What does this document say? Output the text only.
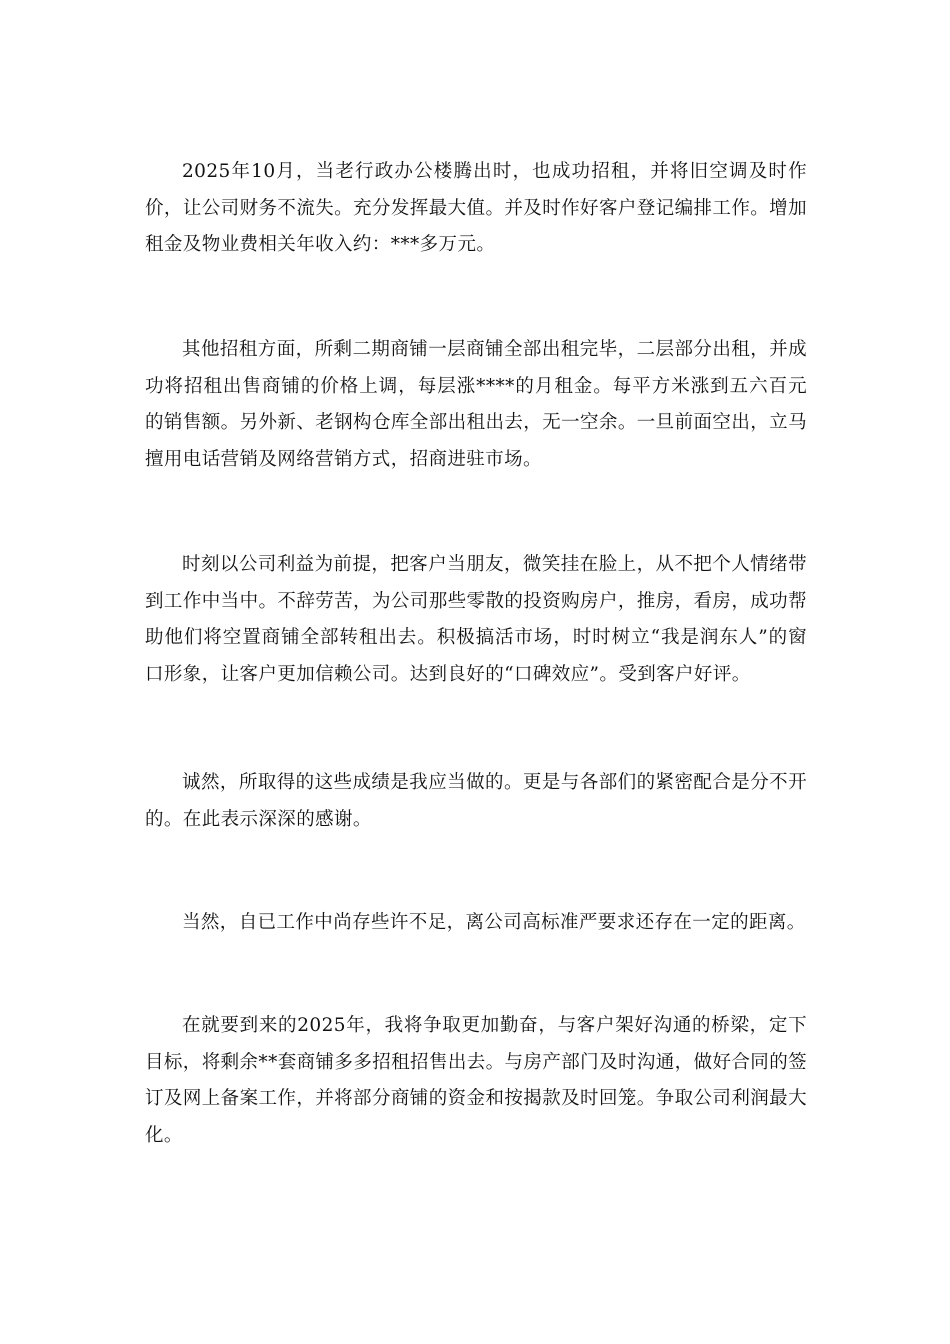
2025年10月，当老行政办公楼腾出时，也成功招租，并将旧空调及时作价，让公司财务不流失。充分发挥最大值。并及时作好客户登记编排工作。增加租金及物业费相关年收入约：***多万元。

其他招租方面，所剩二期商铺一层商铺全部出租完毕，二层部分出租，并成功将招租出售商铺的价格上调，每层涨****的月租金。每平方米涨到五六百元的销售额。另外新、老钢构仓库全部出租出去，无一空余。一旦前面空出，立马擅用电话营销及网络营销方式，招商进驻市场。

时刻以公司利益为前提，把客户当朋友，微笑挂在脸上，从不把个人情绪带到工作中当中。不辞劳苦，为公司那些零散的投资购房户，推房，看房，成功帮助他们将空置商铺全部转租出去。积极搞活市场，时时树立“我是润东人”的窗口形象，让客户更加信赖公司。达到良好的“口碑效应”。受到客户好评。

诚然，所取得的这些成绩是我应当做的。更是与各部们的紧密配合是分不开的。在此表示深深的感谢。

当然，自已工作中尚存些许不足，离公司高标准严要求还存在一定的距离。

在就要到来的2025年，我将争取更加勤奋，与客户架好沟通的桥梁，定下目标，将剩余**套商铺多多招租招售出去。与房产部门及时沟通，做好合同的签订及网上备案工作，并将部分商铺的资金和按揭款及时回笼。争取公司利润最大化。
